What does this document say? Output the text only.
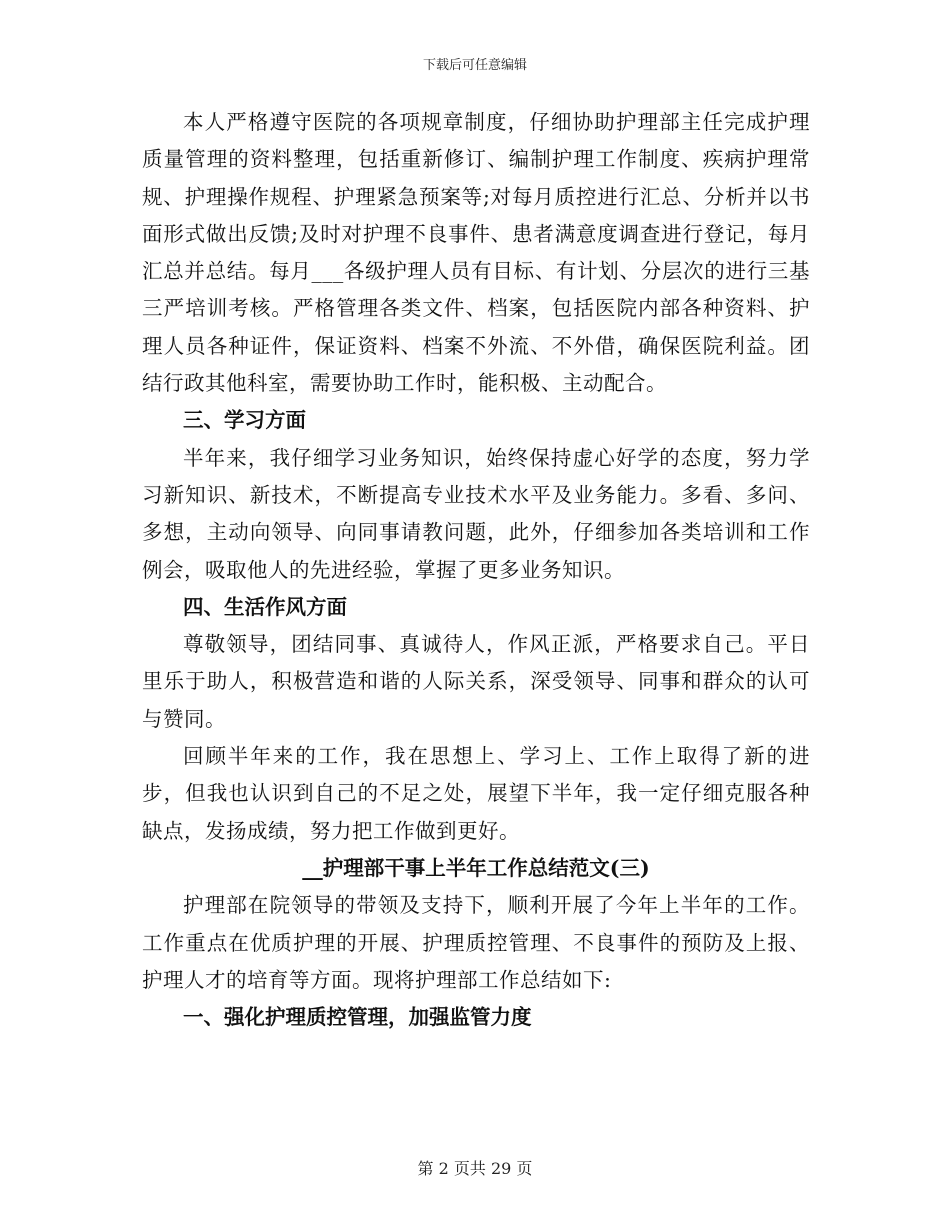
下载后可任意编辑

本人严格遵守医院的各项规章制度，仔细协助护理部主任完成护理质量管理的资料整理，包括重新修订、编制护理工作制度、疾病护理常规、护理操作规程、护理紧急预案等;对每月质控进行汇总、分析并以书面形式做出反馈;及时对护理不良事件、患者满意度调查进行登记，每月汇总并总结。每月___各级护理人员有目标、有计划、分层次的进行三基三严培训考核。严格管理各类文件、档案，包括医院内部各种资料、护理人员各种证件，保证资料、档案不外流、不外借，确保医院利益。团结行政其他科室，需要协助工作时，能积极、主动配合。

三、学习方面

半年来，我仔细学习业务知识，始终保持虚心好学的态度，努力学习新知识、新技术，不断提高专业技术水平及业务能力。多看、多问、多想，主动向领导、向同事请教问题，此外，仔细参加各类培训和工作例会，吸取他人的先进经验，掌握了更多业务知识。

四、生活作风方面

尊敬领导，团结同事、真诚待人，作风正派，严格要求自己。平日里乐于助人，积极营造和谐的人际关系，深受领导、同事和群众的认可与赞同。

回顾半年来的工作，我在思想上、学习上、工作上取得了新的进步，但我也认识到自己的不足之处，展望下半年，我一定仔细克服各种缺点，发扬成绩，努力把工作做到更好。

__护理部干事上半年工作总结范文(三)

护理部在院领导的带领及支持下，顺利开展了今年上半年的工作。工作重点在优质护理的开展、护理质控管理、不良事件的预防及上报、护理人才的培育等方面。现将护理部工作总结如下:

一、强化护理质控管理，加强监管力度

第 2 页共 29 页
